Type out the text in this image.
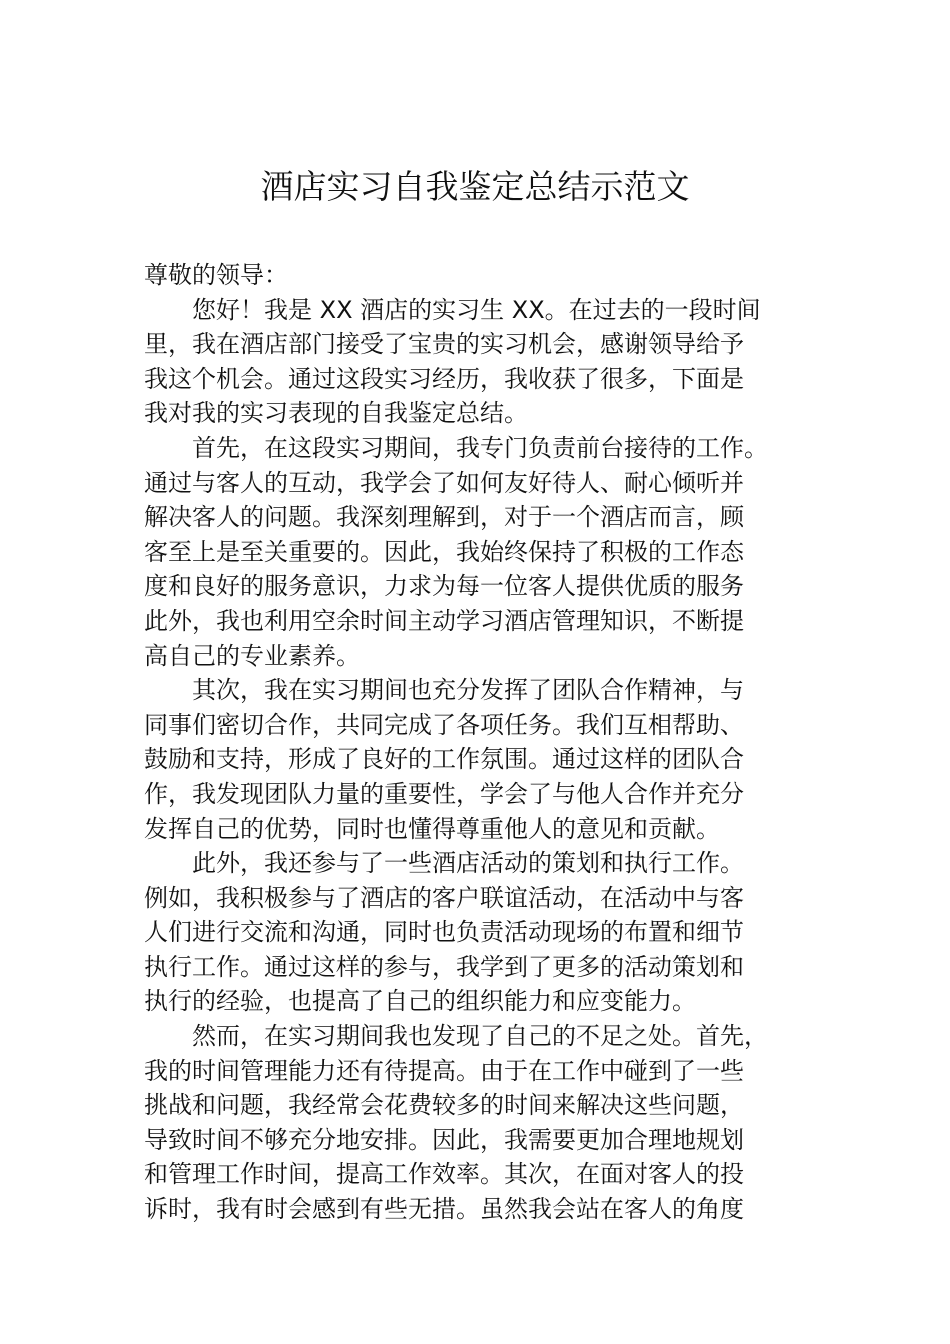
酒店实习自我鉴定总结示范文
尊敬的领导：
　　您好！我是 XX 酒店的实习生 XX。在过去的一段时间
里，我在酒店部门接受了宝贵的实习机会，感谢领导给予
我这个机会。通过这段实习经历，我收获了很多，下面是
我对我的实习表现的自我鉴定总结。
　　首先，在这段实习期间，我专门负责前台接待的工作。
通过与客人的互动，我学会了如何友好待人、耐心倾听并
解决客人的问题。我深刻理解到，对于一个酒店而言，顾
客至上是至关重要的。因此，我始终保持了积极的工作态
度和良好的服务意识，力求为每一位客人提供优质的服务
此外，我也利用空余时间主动学习酒店管理知识，不断提
高自己的专业素养。
　　其次，我在实习期间也充分发挥了团队合作精神，与
同事们密切合作，共同完成了各项任务。我们互相帮助、
鼓励和支持，形成了良好的工作氛围。通过这样的团队合
作，我发现团队力量的重要性，学会了与他人合作并充分
发挥自己的优势，同时也懂得尊重他人的意见和贡献。
　　此外，我还参与了一些酒店活动的策划和执行工作。
例如，我积极参与了酒店的客户联谊活动，在活动中与客
人们进行交流和沟通，同时也负责活动现场的布置和细节
执行工作。通过这样的参与，我学到了更多的活动策划和
执行的经验，也提高了自己的组织能力和应变能力。
　　然而，在实习期间我也发现了自己的不足之处。首先，
我的时间管理能力还有待提高。由于在工作中碰到了一些
挑战和问题，我经常会花费较多的时间来解决这些问题，
导致时间不够充分地安排。因此，我需要更加合理地规划
和管理工作时间，提高工作效率。其次，在面对客人的投
诉时，我有时会感到有些无措。虽然我会站在客人的角度
